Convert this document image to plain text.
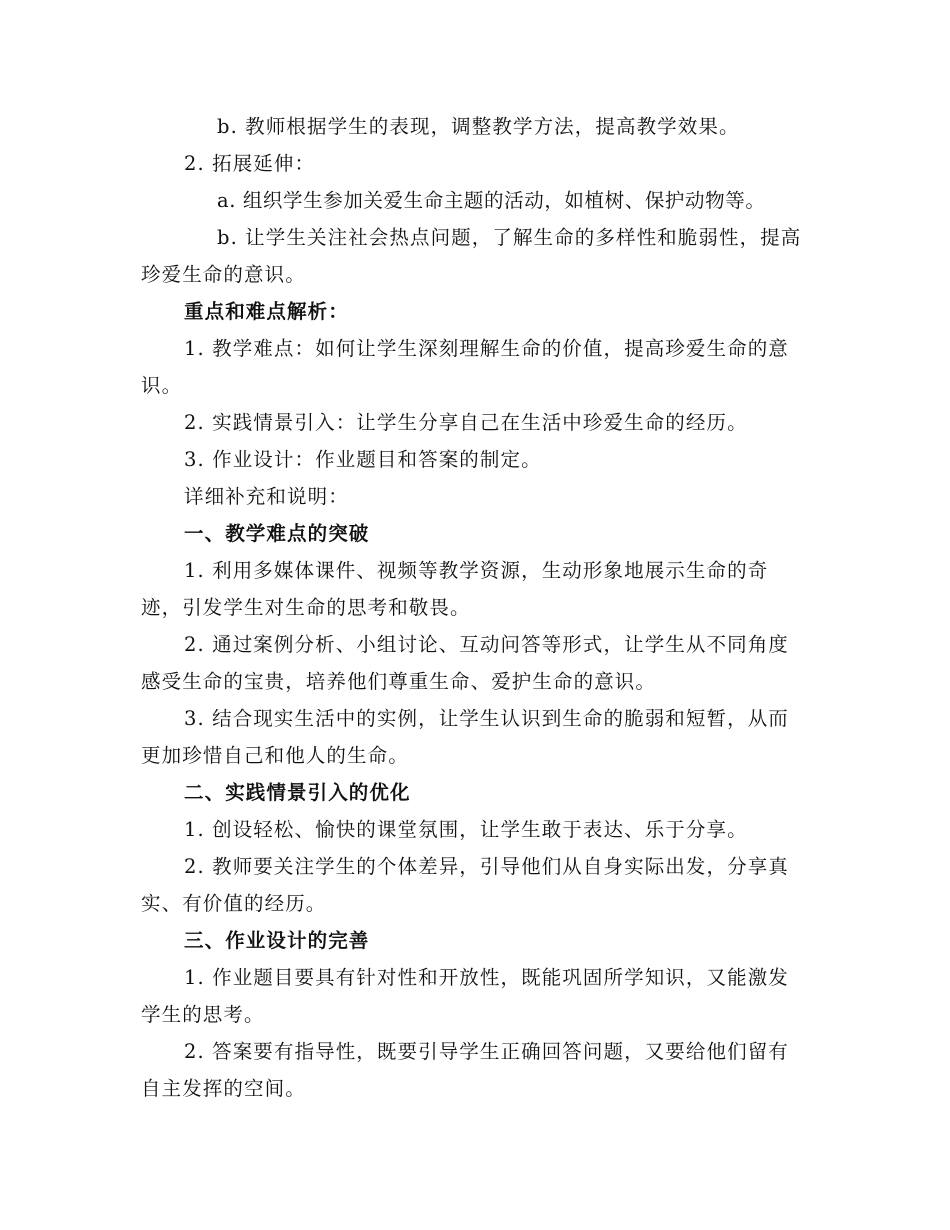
b. 教师根据学生的表现，调整教学方法，提高教学效果。

2. 拓展延伸：

a. 组织学生参加关爱生命主题的活动，如植树、保护动物等。

b. 让学生关注社会热点问题，了解生命的多样性和脆弱性，提高珍爱生命的意识。

重点和难点解析：

1. 教学难点：如何让学生深刻理解生命的价值，提高珍爱生命的意识。

2. 实践情景引入：让学生分享自己在生活中珍爱生命的经历。

3. 作业设计：作业题目和答案的制定。

详细补充和说明：

一、教学难点的突破

1. 利用多媒体课件、视频等教学资源，生动形象地展示生命的奇迹，引发学生对生命的思考和敬畏。

2. 通过案例分析、小组讨论、互动问答等形式，让学生从不同角度感受生命的宝贵，培养他们尊重生命、爱护生命的意识。

3. 结合现实生活中的实例，让学生认识到生命的脆弱和短暂，从而更加珍惜自己和他人的生命。

二、实践情景引入的优化

1. 创设轻松、愉快的课堂氛围，让学生敢于表达、乐于分享。

2. 教师要关注学生的个体差异，引导他们从自身实际出发，分享真实、有价值的经历。

三、作业设计的完善

1. 作业题目要具有针对性和开放性，既能巩固所学知识，又能激发学生的思考。

2. 答案要有指导性，既要引导学生正确回答问题，又要给他们留有自主发挥的空间。
